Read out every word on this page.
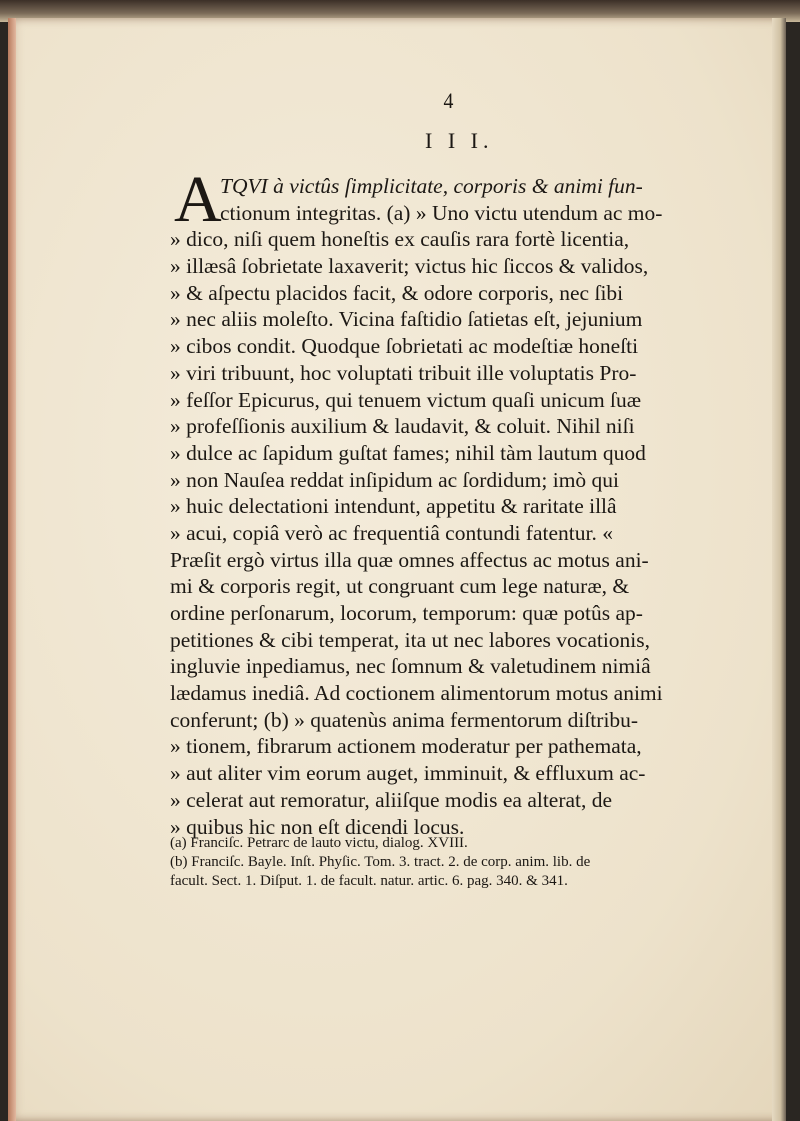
4
I I I.
A
TQVI à victûs ſimplicitate, corporis & animi fun-
ctionum integritas. (a) » Uno victu utendum ac mo-
» dico, niſi quem honeſtis ex cauſis rara fortè licentia,
» illæsâ ſobrietate laxaverit; victus hic ſiccos & validos,
» & aſpectu placidos facit, & odore corporis, nec ſibi
» nec aliis moleſto. Vicina faſtidio ſatietas eſt, jejunium
» cibos condit. Quodque ſobrietati ac modeſtiæ honeſti
» viri tribuunt, hoc voluptati tribuit ille voluptatis Pro-
» feſſor Epicurus, qui tenuem victum quaſi unicum ſuæ
» profeſſionis auxilium & laudavit, & coluit. Nihil niſi
» dulce ac ſapidum guſtat fames; nihil tàm lautum quod
» non Nauſea reddat inſipidum ac ſordidum; imò qui
» huic delectationi intendunt, appetitu & raritate illâ
» acui, copiâ verò ac frequentiâ contundi fatentur. «
Præſit ergò virtus illa quæ omnes affectus ac motus ani-
mi & corporis regit, ut congruant cum lege naturæ, &
ordine perſonarum, locorum, temporum: quæ potûs ap-
petitiones & cibi temperat, ita ut nec labores vocationis,
ingluvie inpediamus, nec ſomnum & valetudinem nimiâ
lædamus inediâ. Ad coctionem alimentorum motus animi
conferunt; (b) » quatenùs anima fermentorum diſtribu-
» tionem, fibrarum actionem moderatur per pathemata,
» aut aliter vim eorum auget, imminuit, & effluxum ac-
» celerat aut remoratur, aliiſque modis ea alterat, de
» quibus hic non eſt dicendi locus.
(a) Franciſc. Petrarc de lauto victu, dialog. XVIII.
(b) Franciſc. Bayle. Inſt. Phyſic. Tom. 3. tract. 2. de corp. anim. lib. de
facult. Sect. 1. Diſput. 1. de facult. natur. artic. 6. pag. 340. & 341.
